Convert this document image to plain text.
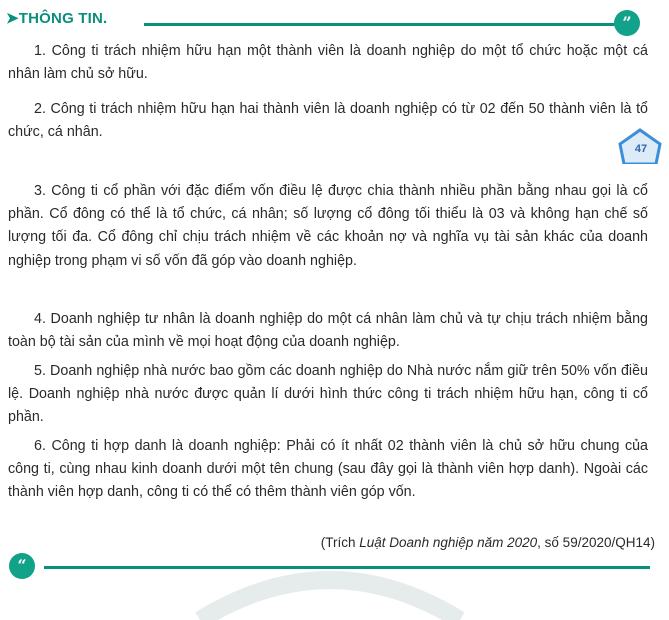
➤THÔNG TIN.	”
47

1. Công ti trách nhiệm hữu hạn một thành viên là doanh nghiệp do một tổ chức hoặc một cá nhân làm chủ sở hữu.

2. Công ti trách nhiệm hữu hạn hai thành viên là doanh nghiệp có từ 02 đến 50 thành viên là tổ chức, cá nhân.

3. Công ti cổ phần với đặc điểm vốn điều lệ được chia thành nhiều phần bằng nhau gọi là cổ phần. Cổ đông có thể là tổ chức, cá nhân; số lượng cổ đông tối thiểu là 03 và không hạn chế số lượng tối đa. Cổ đông chỉ chịu trách nhiệm về các khoản nợ và nghĩa vụ tài sản khác của doanh nghiệp trong phạm vi số vốn đã góp vào doanh nghiệp.

4. Doanh nghiệp tư nhân là doanh nghiệp do một cá nhân làm chủ và tự chịu trách nhiệm bằng toàn bộ tài sản của mình về mọi hoạt động của doanh nghiệp.

5. Doanh nghiệp nhà nước bao gồm các doanh nghiệp do Nhà nước nắm giữ trên 50% vốn điều lệ. Doanh nghiệp nhà nước được quản lí dưới hình thức công ti trách nhiệm hữu hạn, công ti cổ phần.

6. Công ti hợp danh là doanh nghiệp: Phải có ít nhất 02 thành viên là chủ sở hữu chung của công ti, cùng nhau kinh doanh dưới một tên chung (sau đây gọi là thành viên hợp danh). Ngoài các thành viên hợp danh, công ti có thể có thêm thành viên góp vốn.

(Trích Luật Doanh nghiệp năm 2020, số 59/2020/QH14)
“
